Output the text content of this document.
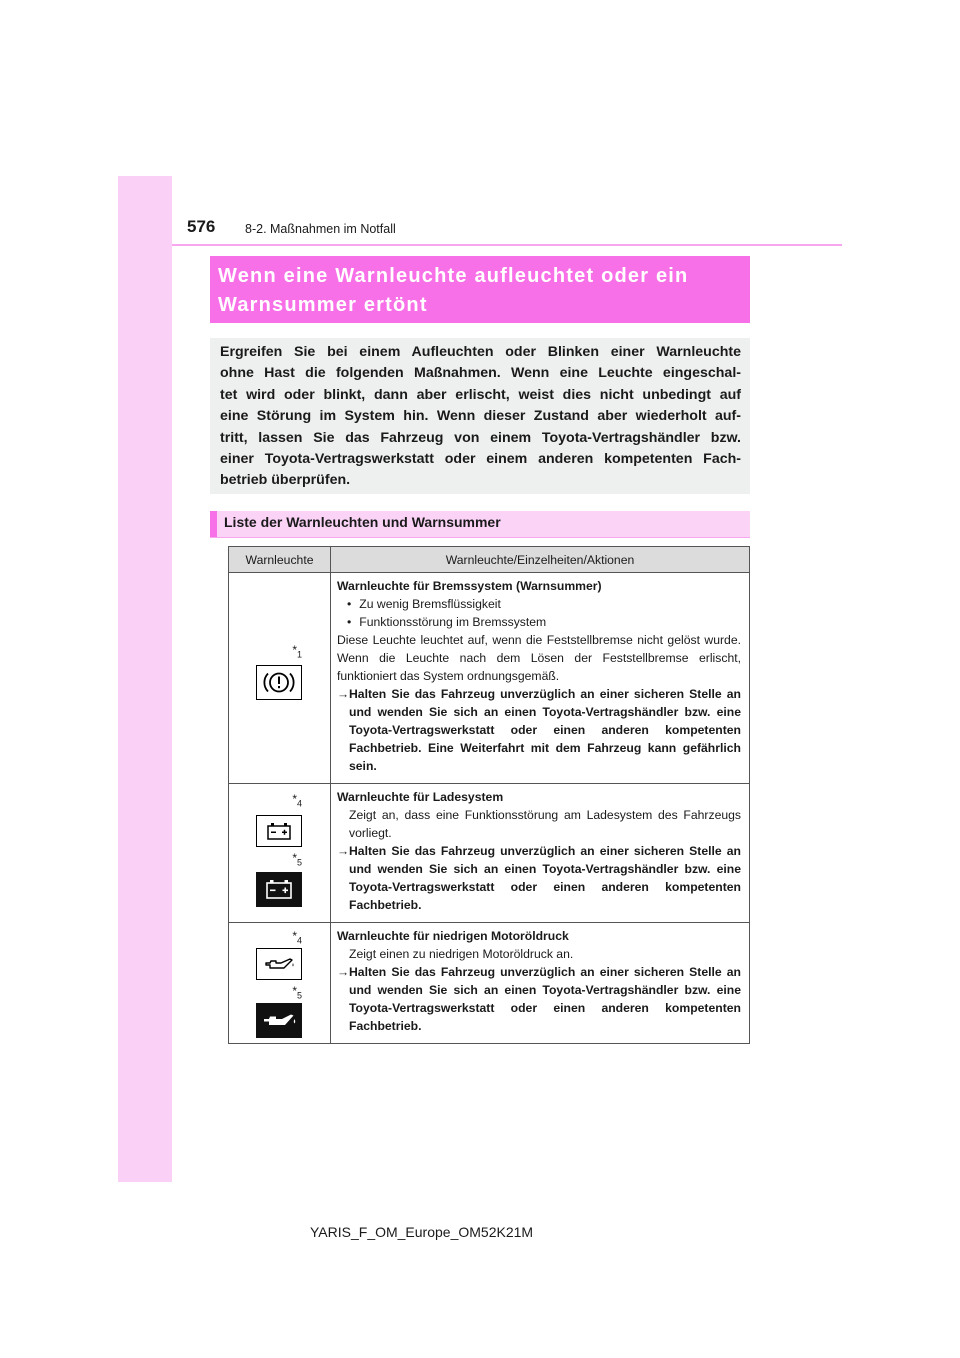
576 8-2. Maßnahmen im Notfall
Wenn eine Warnleuchte aufleuchtet oder ein
Warnsummer ertönt
Ergreifen Sie bei einem Aufleuchten oder Blinken einer Warnleuchte
ohne Hast die folgenden Maßnahmen. Wenn eine Leuchte eingeschal-
tet wird oder blinkt, dann aber erlischt, weist dies nicht unbedingt auf
eine Störung im System hin. Wenn dieser Zustand aber wiederholt auf-
tritt, lassen Sie das Fahrzeug von einem Toyota-Vertragshändler bzw.
einer Toyota-Vertragswerkstatt oder einem anderen kompetenten Fach-
betrieb überprüfen.
Liste der Warnleuchten und Warnsummer
Warnleuchte	Warnleuchte/Einzelheiten/Aktionen

$*_1$	Warnleuchte für Bremssystem (Warnsummer)
• Zu wenig Bremsflüssigkeit
• Funktionsstörung im Bremssystem
Diese Leuchte leuchtet auf, wenn die Feststellbremse nicht gelöst wurde. Wenn die Leuchte nach dem Lösen der Feststellbremse erlischt, funktioniert das System ordnungsgemäß.
→Halten Sie das Fahrzeug unverzüglich an einer sicheren Stelle an und wenden Sie sich an einen Toyota-Vertragshändler bzw. eine Toyota-Vertragswerkstatt oder einen anderen kompetenten Fachbetrieb. Eine Weiterfahrt mit dem Fahrzeug kann gefährlich sein.

$*_4$
$*_5$	Warnleuchte für Ladesystem
Zeigt an, dass eine Funktionsstörung am Ladesystem des Fahrzeugs vorliegt.
→Halten Sie das Fahrzeug unverzüglich an einer sicheren Stelle an und wenden Sie sich an einen Toyota-Vertragshändler bzw. eine Toyota-Vertragswerkstatt oder einen anderen kompetenten Fachbetrieb.

$*_4$
$*_5$	Warnleuchte für niedrigen Motoröldruck
Zeigt einen zu niedrigen Motoröldruck an.
→Halten Sie das Fahrzeug unverzüglich an einer sicheren Stelle an und wenden Sie sich an einen Toyota-Vertragshändler bzw. eine Toyota-Vertragswerkstatt oder einen anderen kompetenten Fachbetrieb.
YARIS_F_OM_Europe_OM52K21M
